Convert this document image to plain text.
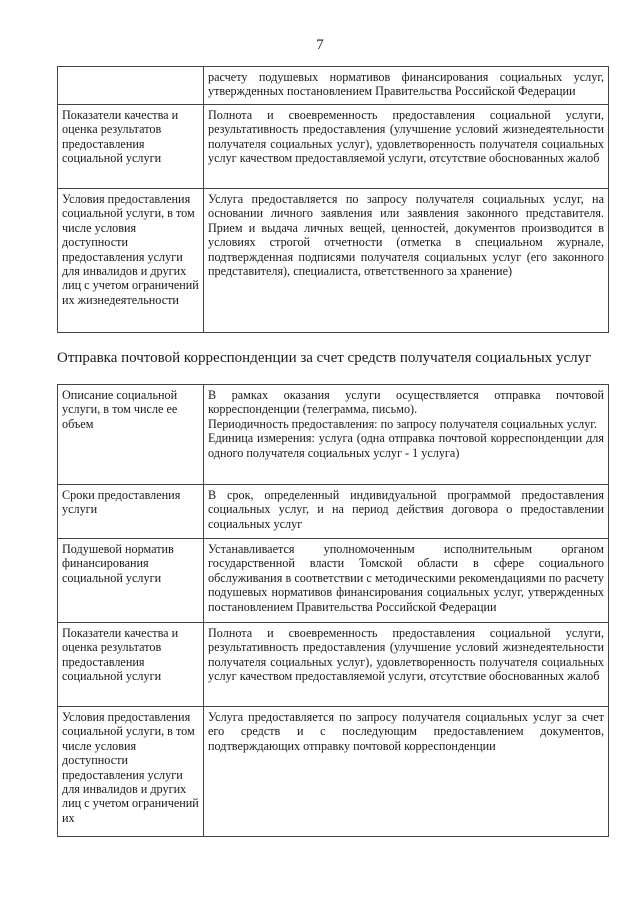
7

	расчету подушевых нормативов финансирования социальных услуг, утвержденных постановлением Правительства Российской Федерации

Показатели качества и оценка результатов предоставления социальной услуги	Полнота и своевременность предоставления социальной услуги, результативность предоставления (улучшение условий жизнедеятельности получателя социальных услуг), удовлетворенность получателя социальных услуг качеством предоставляемой услуги, отсутствие обоснованных жалоб

Условия предоставления социальной услуги, в том числе условия доступности предоставления услуги для инвалидов и других лиц с учетом ограничений их жизнедеятельности	Услуга предоставляется по запросу получателя социальных услуг, на основании личного заявления или заявления законного представителя. Прием и выдача личных вещей, ценностей, документов производится в условиях строгой отчетности (отметка в специальном журнале, подтвержденная подписями получателя социальных услуг (его законного представителя), специалиста, ответственного за хранение)
Отправка почтовой корреспонденции за счет средств получателя социальных услуг
Описание социальной услуги, в том числе ее объем	В рамках оказания услуги осуществляется отправка почтовой корреспонденции (телеграмма, письмо).
Периодичность предоставления: по запросу получателя социальных услуг.
Единица измерения: услуга (одна отправка почтовой корреспонденции для одного получателя социальных услуг - 1 услуга)

Сроки предоставления услуги	В срок, определенный индивидуальной программой предоставления социальных услуг, и на период действия договора о предоставлении социальных услуг

Подушевой норматив финансирования социальной услуги	Устанавливается уполномоченным исполнительным органом государственной власти Томской области в сфере социального обслуживания в соответствии с методическими рекомендациями по расчету подушевых нормативов финансирования социальных услуг, утвержденных постановлением Правительства Российской Федерации

Показатели качества и оценка результатов предоставления социальной услуги	Полнота и своевременность предоставления социальной услуги, результативность предоставления (улучшение условий жизнедеятельности получателя социальных услуг), удовлетворенность получателя социальных услуг качеством предоставляемой услуги, отсутствие обоснованных жалоб

Условия предоставления социальной услуги, в том числе условия доступности предоставления услуги для инвалидов и других лиц с учетом ограничений их	Услуга предоставляется по запросу получателя социальных услуг за счет его средств и с последующим предоставлением документов, подтверждающих отправку почтовой корреспонденции
